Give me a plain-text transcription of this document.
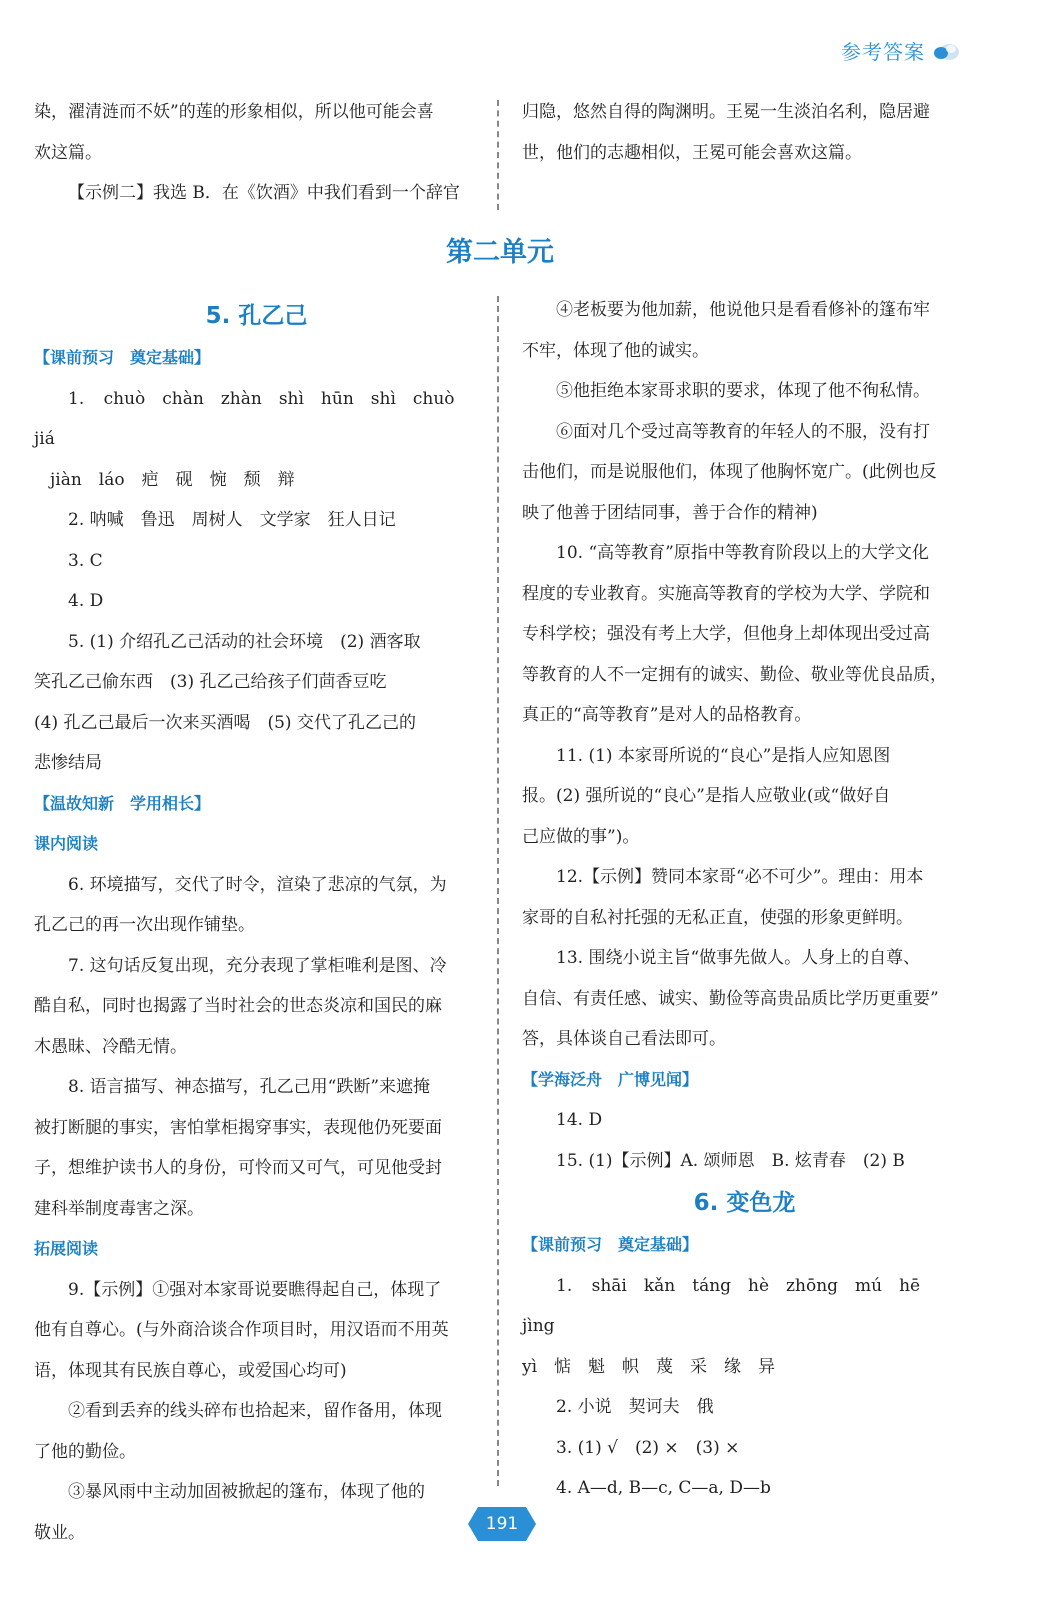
参考答案

染，濯清涟而不妖”的莲的形象相似，所以他可能会喜

欢这篇。

【示例二】我选 B．在《饮酒》中我们看到一个辞官

归隐，悠然自得的陶渊明。王冕一生淡泊名利，隐居避

世，他们的志趣相似，王冕可能会喜欢这篇。

第二单元
5. 孔乙己

【课前预习　奠定基础】

1. chuò　chàn　zhàn　shì　hūn　shì　chuò　jiá

jiàn　láo　疤　砚　惋　颓　辩

2. 呐喊　鲁迅　周树人　文学家　狂人日记

3. C

4. D

5. (1) 介绍孔乙己活动的社会环境　(2) 酒客取

笑孔乙己偷东西　(3) 孔乙己给孩子们茴香豆吃

(4) 孔乙己最后一次来买酒喝　(5) 交代了孔乙己的

悲惨结局

【温故知新　学用相长】

课内阅读

6. 环境描写，交代了时令，渲染了悲凉的气氛，为

孔乙己的再一次出现作铺垫。

7. 这句话反复出现，充分表现了掌柜唯利是图、冷

酷自私，同时也揭露了当时社会的世态炎凉和国民的麻

木愚昧、冷酷无情。

8. 语言描写、神态描写，孔乙己用“跌断”来遮掩

被打断腿的事实，害怕掌柜揭穿事实，表现他仍死要面

子，想维护读书人的身份，可怜而又可气，可见他受封

建科举制度毒害之深。

拓展阅读

9.【示例】①强对本家哥说要瞧得起自己，体现了

他有自尊心。(与外商洽谈合作项目时，用汉语而不用英

语，体现其有民族自尊心，或爱国心均可)

②看到丢弃的线头碎布也拾起来，留作备用，体现

了他的勤俭。

③暴风雨中主动加固被掀起的篷布，体现了他的

敬业。

④老板要为他加薪，他说他只是看看修补的篷布牢

不牢，体现了他的诚实。

⑤他拒绝本家哥求职的要求，体现了他不徇私情。

⑥面对几个受过高等教育的年轻人的不服，没有打

击他们，而是说服他们，体现了他胸怀宽广。(此例也反

映了他善于团结同事，善于合作的精神)

10. “高等教育”原指中等教育阶段以上的大学文化

程度的专业教育。实施高等教育的学校为大学、学院和

专科学校；强没有考上大学，但他身上却体现出受过高

等教育的人不一定拥有的诚实、勤俭、敬业等优良品质，

真正的“高等教育”是对人的品格教育。

11. (1) 本家哥所说的“良心”是指人应知恩图

报。(2) 强所说的“良心”是指人应敬业(或“做好自

己应做的事”)。

12.【示例】赞同本家哥“必不可少”。理由：用本

家哥的自私衬托强的无私正直，使强的形象更鲜明。

13. 围绕小说主旨“做事先做人。人身上的自尊、

自信、有责任感、诚实、勤俭等高贵品质比学历更重要”

答，具体谈自己看法即可。

【学海泛舟　广博见闻】

14. D

15. (1)【示例】A. 颂师恩　B. 炫青春　(2) B

6. 变色龙

【课前预习　奠定基础】

1. shāi　kǎn　táng　hè　zhōng　mú　hē　jìng

yì　惦　魁　帜　蔑　采　缘　异

2. 小说　契诃夫　俄

3. (1) √　(2) ×　(3) ×

4. A—d, B—c, C—a, D—b

191
